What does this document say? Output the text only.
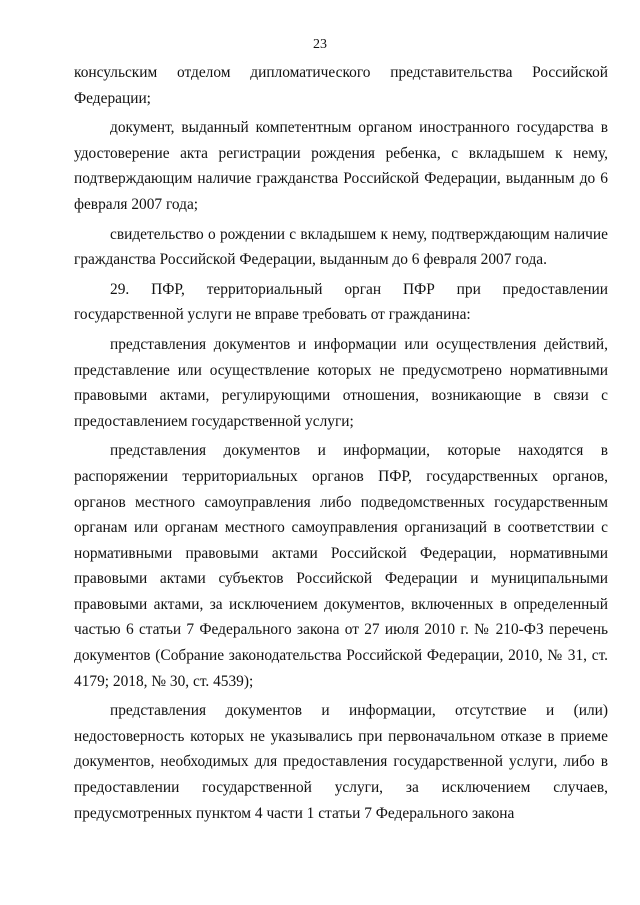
23

консульским отделом дипломатического представительства Российской Федерации;

документ, выданный компетентным органом иностранного государства в удостоверение акта регистрации рождения ребенка, с вкладышем к нему, подтверждающим наличие гражданства Российской Федерации, выданным до 6 февраля 2007 года;

свидетельство о рождении с вкладышем к нему, подтверждающим наличие гражданства Российской Федерации, выданным до 6 февраля 2007 года.

29. ПФР, территориальный орган ПФР при предоставлении государственной услуги не вправе требовать от гражданина:

представления документов и информации или осуществления действий, представление или осуществление которых не предусмотрено нормативными правовыми актами, регулирующими отношения, возникающие в связи с предоставлением государственной услуги;

представления документов и информации, которые находятся в распоряжении территориальных органов ПФР, государственных органов, органов местного самоуправления либо подведомственных государственным органам или органам местного самоуправления организаций в соответствии с нормативными правовыми актами Российской Федерации, нормативными правовыми актами субъектов Российской Федерации и муниципальными правовыми актами, за исключением документов, включенных в определенный частью 6 статьи 7 Федерального закона от 27 июля 2010 г. № 210-ФЗ перечень документов (Собрание законодательства Российской Федерации, 2010, № 31, ст. 4179; 2018, № 30, ст. 4539);

представления документов и информации, отсутствие и (или) недостоверность которых не указывались при первоначальном отказе в приеме документов, необходимых для предоставления государственной услуги, либо в предоставлении государственной услуги, за исключением случаев, предусмотренных пунктом 4 части 1 статьи 7 Федерального закона
